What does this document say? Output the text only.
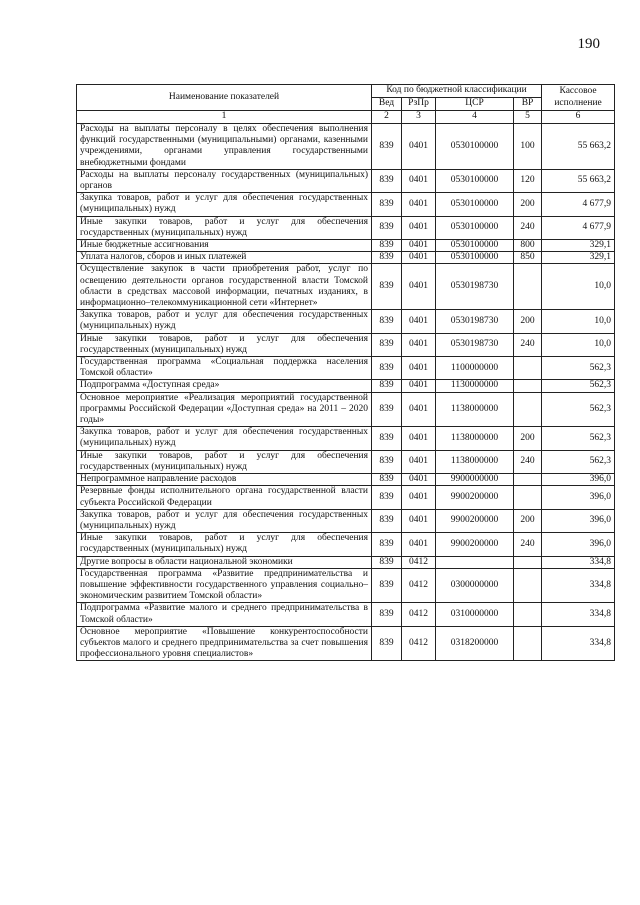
190
Наименование показателей	Код по бюджетной классификации				Кассовое исполнение
	Вед	РзПр	ЦСР	ВР	
1	2	3	4	5	6
Расходы на выплаты персоналу в целях обеспечения выполнения функций государственными (муниципальными) органами, казенными учреждениями, органами управления государственными внебюджетными фондами	839	0401	0530100000	100	55 663,2
Расходы на выплаты персоналу государственных (муниципальных) органов	839	0401	0530100000	120	55 663,2
Закупка товаров, работ и услуг для обеспечения государственных (муниципальных) нужд	839	0401	0530100000	200	4 677,9
Иные закупки товаров, работ и услуг для обеспечения государственных (муниципальных) нужд	839	0401	0530100000	240	4 677,9
Иные бюджетные ассигнования	839	0401	0530100000	800	329,1
Уплата налогов, сборов и иных платежей	839	0401	0530100000	850	329,1
Осуществление закупок в части приобретения работ, услуг по освещению деятельности органов государственной власти Томской области в средствах массовой информации, печатных изданиях, в информационно–телекоммуникационной сети «Интернет»	839	0401	0530198730		10,0
Закупка товаров, работ и услуг для обеспечения государственных (муниципальных) нужд	839	0401	0530198730	200	10,0
Иные закупки товаров, работ и услуг для обеспечения государственных (муниципальных) нужд	839	0401	0530198730	240	10,0
Государственная программа «Социальная поддержка населения Томской области»	839	0401	1100000000		562,3
Подпрограмма «Доступная среда»	839	0401	1130000000		562,3
Основное мероприятие «Реализация мероприятий государственной программы Российской Федерации «Доступная среда» на 2011 – 2020 годы»	839	0401	1138000000		562,3
Закупка товаров, работ и услуг для обеспечения государственных (муниципальных) нужд	839	0401	1138000000	200	562,3
Иные закупки товаров, работ и услуг для обеспечения государственных (муниципальных) нужд	839	0401	1138000000	240	562,3
Непрограммное направление расходов	839	0401	9900000000		396,0
Резервные фонды исполнительного органа государственной власти субъекта Российской Федерации	839	0401	9900200000		396,0
Закупка товаров, работ и услуг для обеспечения государственных (муниципальных) нужд	839	0401	9900200000	200	396,0
Иные закупки товаров, работ и услуг для обеспечения государственных (муниципальных) нужд	839	0401	9900200000	240	396,0
Другие вопросы в области национальной экономики	839	0412			334,8
Государственная программа «Развитие предпринимательства и повышение эффективности государственного управления социально–экономическим развитием Томской области»	839	0412	0300000000		334,8
Подпрограмма «Развитие малого и среднего предпринимательства в Томской области»	839	0412	0310000000		334,8
Основное мероприятие «Повышение конкурентоспособности субъектов малого и среднего предпринимательства за счет повышения профессионального уровня специалистов»	839	0412	0318200000		334,8
